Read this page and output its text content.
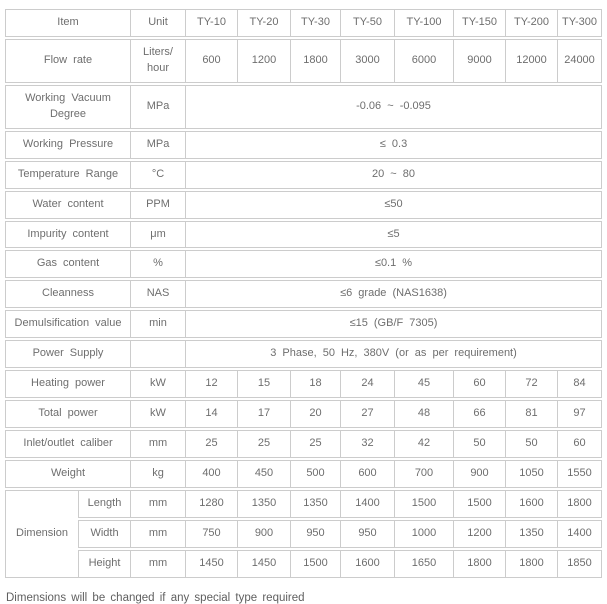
Item		Unit	TY-10	TY-20	TY-30	TY-50	TY-100	TY-150	TY-200	TY-300
Flow rate		Liters/ hour	600	1200	1800	3000	6000	9000	12000	24000
Working Vacuum Degree		MPa	-0.06 ~ -0.095							
Working Pressure		MPa	≤ 0.3							
Temperature Range		°C	20 ~ 80							
Water content		PPM	≤50							
Impurity content		μm	≤5							
Gas content		%	≤0.1 %							
Cleanness		NAS	≤6 grade (NAS1638)							
Demulsification value		min	≤15 (GB/F 7305)							
Power Supply			3 Phase, 50 Hz, 380V (or as per requirement)							
Heating power		kW	12	15	18	24	45	60	72	84
Total power		kW	14	17	20	27	48	66	81	97
Inlet/outlet caliber		mm	25	25	25	32	42	50	50	60
Weight		kg	400	450	500	600	700	900	1050	1550
Dimension	Length	mm	1280	1350	1350	1400	1500	1500	1600	1800
	Width	mm	750	900	950	950	1000	1200	1350	1400
	Height	mm	1450	1450	1500	1600	1650	1800	1800	1850
Dimensions will be changed if any special type required
